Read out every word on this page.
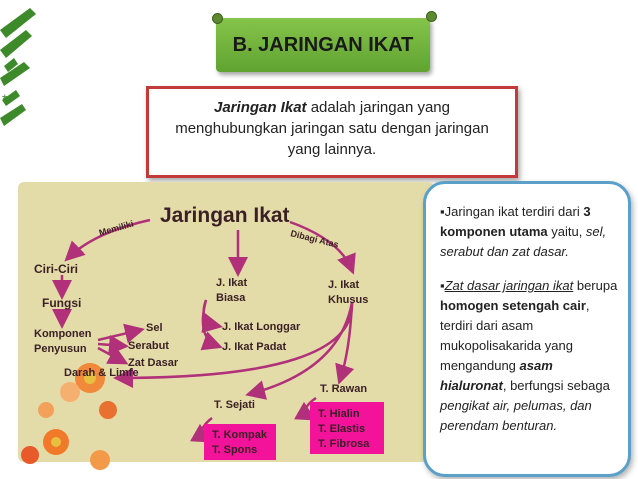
*
B. JARINGAN IKAT
Jaringan Ikat adalah jaringan yang menghubungkan jaringan satu dengan jaringan yang lainnya.
Jaringan Ikat
Memiliki
Dibagi Atas
Ciri-Ciri
Fungsi
Komponen
Penyusun
Sel
Serabut
Zat Dasar
J. Ikat
Biasa
J. Ikat Longgar
J. Ikat Padat
J. Ikat
Khusus
Darah & Limfe
T. Sejati
T. Rawan
T. Kompak
T. Spons
T. Hialin
T. Elastis
T. Fibrosa

▪Jaringan ikat terdiri dari 3 komponen utama yaitu, sel, serabut dan zat dasar.

▪Zat dasar jaringan ikat berupa homogen setengah cair, terdiri dari asam mukopolisakarida yang mengandung asam hialuronat, berfungsi sebaga pengikat air, pelumas, dan perendam benturan.
